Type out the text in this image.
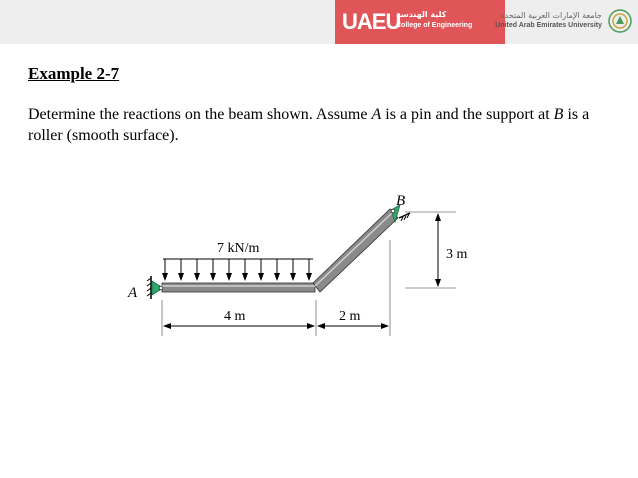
UAEU
كلية الهندسة
College of Engineering
جامعة الإمارات العربية المتحدة
United Arab Emirates University
Example 2-7
Determine the reactions on the beam shown. Assume A is a pin and the support at B is a roller (smooth surface).
7 kN/m
A
B
3 m
4 m	2 m
